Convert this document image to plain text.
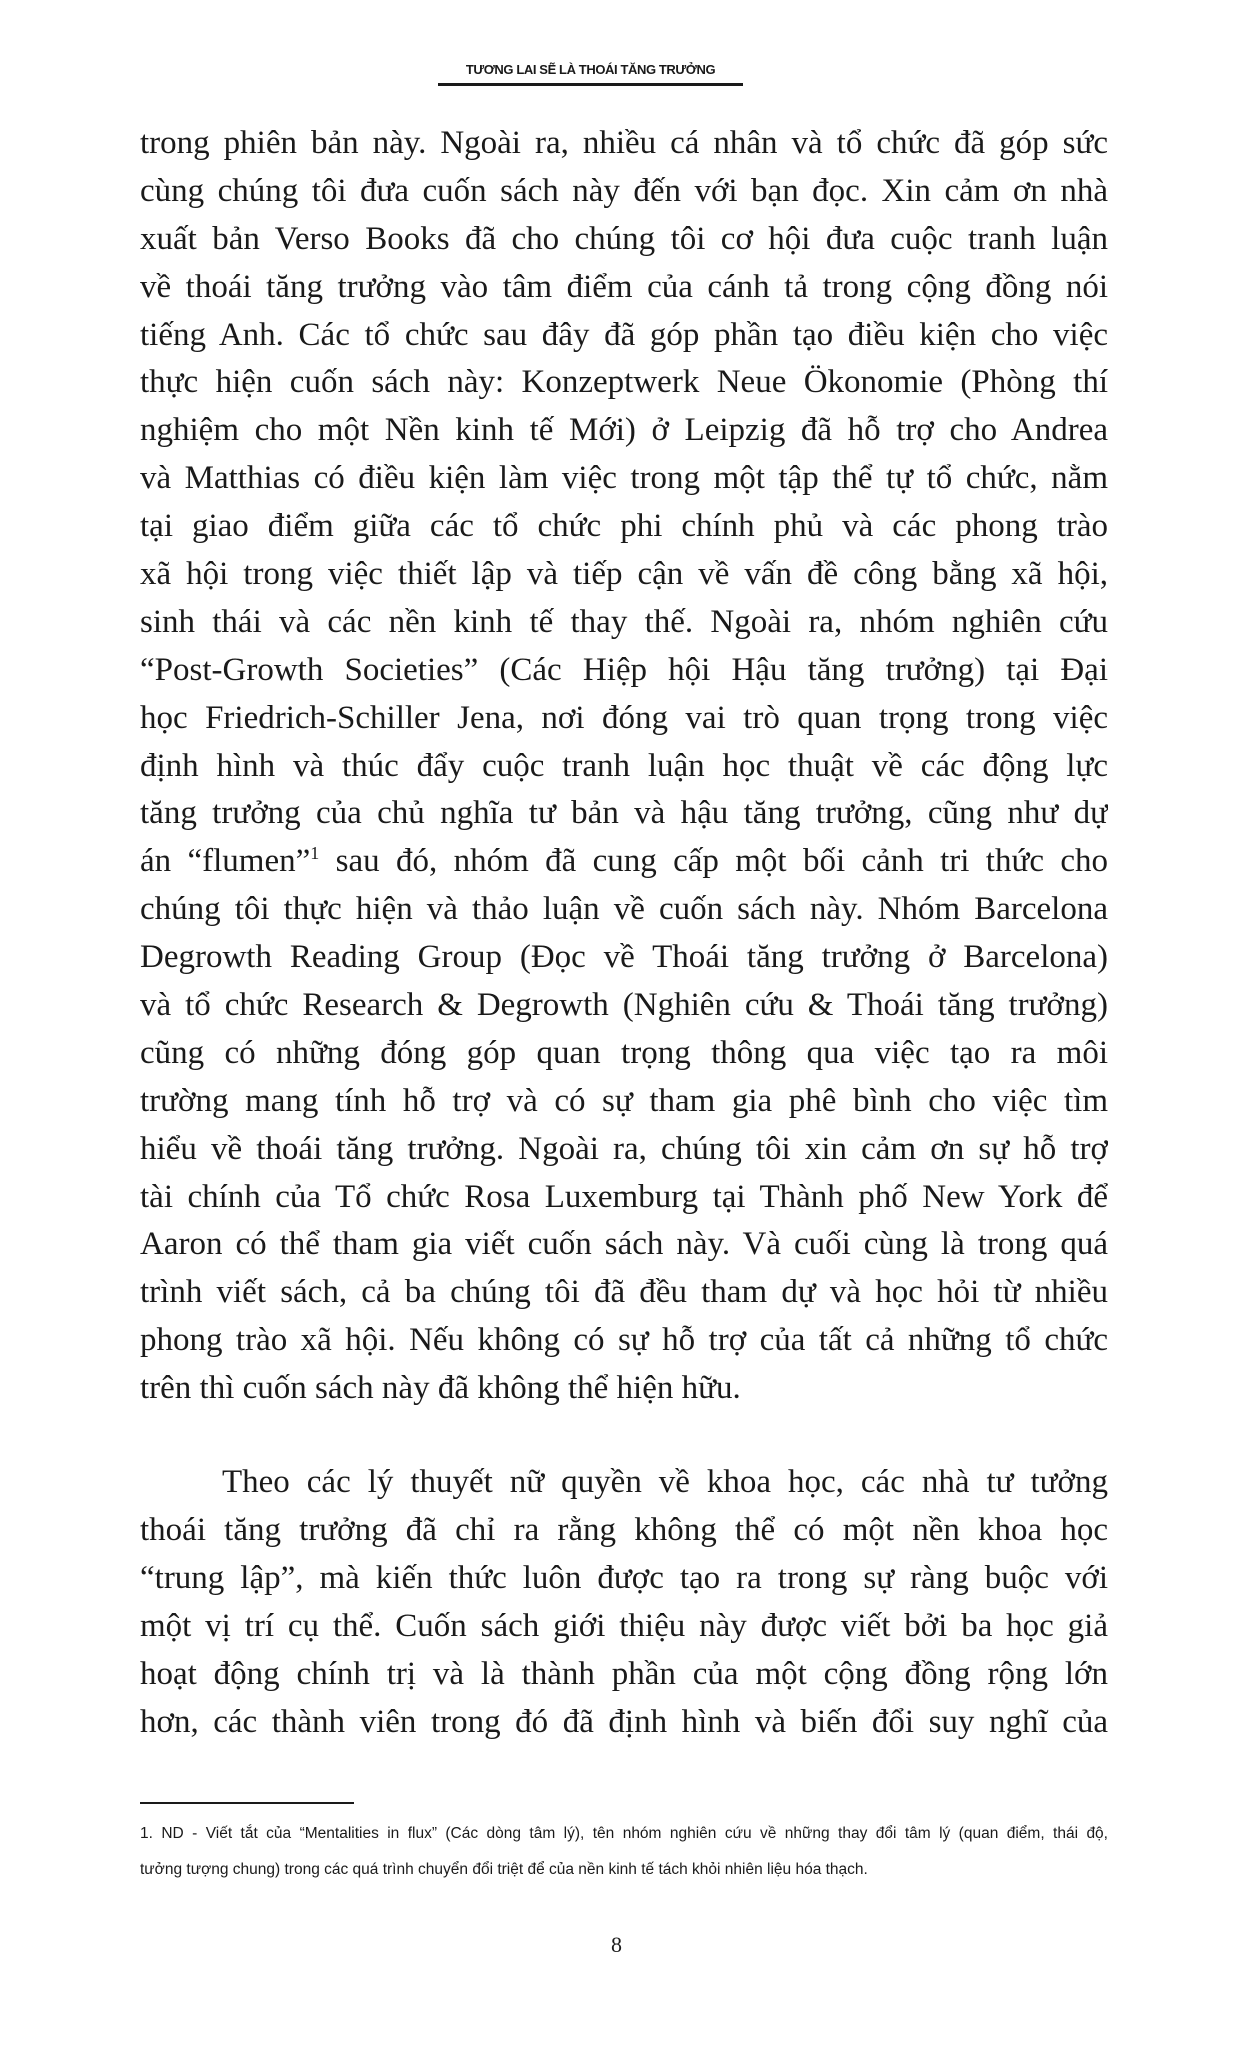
TƯƠNG LAI SẼ LÀ THOÁI TĂNG TRƯỞNG
trong phiên bản này. Ngoài ra, nhiều cá nhân và tổ chức đã góp sức
cùng chúng tôi đưa cuốn sách này đến với bạn đọc. Xin cảm ơn nhà
xuất bản Verso Books đã cho chúng tôi cơ hội đưa cuộc tranh luận
về thoái tăng trưởng vào tâm điểm của cánh tả trong cộng đồng nói
tiếng Anh. Các tổ chức sau đây đã góp phần tạo điều kiện cho việc
thực hiện cuốn sách này: Konzeptwerk Neue Ökonomie (Phòng thí
nghiệm cho một Nền kinh tế Mới) ở Leipzig đã hỗ trợ cho Andrea
và Matthias có điều kiện làm việc trong một tập thể tự tổ chức, nằm
tại giao điểm giữa các tổ chức phi chính phủ và các phong trào
xã hội trong việc thiết lập và tiếp cận về vấn đề công bằng xã hội,
sinh thái và các nền kinh tế thay thế. Ngoài ra, nhóm nghiên cứu
“Post-Growth Societies” (Các Hiệp hội Hậu tăng trưởng) tại Đại
học Friedrich-Schiller Jena, nơi đóng vai trò quan trọng trong việc
định hình và thúc đẩy cuộc tranh luận học thuật về các động lực
tăng trưởng của chủ nghĩa tư bản và hậu tăng trưởng, cũng như dự
án “flumen”$^1$ sau đó, nhóm đã cung cấp một bối cảnh tri thức cho
chúng tôi thực hiện và thảo luận về cuốn sách này. Nhóm Barcelona
Degrowth Reading Group (Đọc về Thoái tăng trưởng ở Barcelona)
và tổ chức Research & Degrowth (Nghiên cứu & Thoái tăng trưởng)
cũng có những đóng góp quan trọng thông qua việc tạo ra môi
trường mang tính hỗ trợ và có sự tham gia phê bình cho việc tìm
hiểu về thoái tăng trưởng. Ngoài ra, chúng tôi xin cảm ơn sự hỗ trợ
tài chính của Tổ chức Rosa Luxemburg tại Thành phố New York để
Aaron có thể tham gia viết cuốn sách này. Và cuối cùng là trong quá
trình viết sách, cả ba chúng tôi đã đều tham dự và học hỏi từ nhiều
phong trào xã hội. Nếu không có sự hỗ trợ của tất cả những tổ chức
trên thì cuốn sách này đã không thể hiện hữu.
Theo các lý thuyết nữ quyền về khoa học, các nhà tư tưởng
thoái tăng trưởng đã chỉ ra rằng không thể có một nền khoa học
“trung lập”, mà kiến thức luôn được tạo ra trong sự ràng buộc với
một vị trí cụ thể. Cuốn sách giới thiệu này được viết bởi ba học giả
hoạt động chính trị và là thành phần của một cộng đồng rộng lớn
hơn, các thành viên trong đó đã định hình và biến đổi suy nghĩ của
1. ND - Viết tắt của “Mentalities in flux” (Các dòng tâm lý), tên nhóm nghiên cứu về những thay đổi tâm lý (quan điểm, thái độ,
tưởng tượng chung) trong các quá trình chuyển đổi triệt để của nền kinh tế tách khỏi nhiên liệu hóa thạch.
8
